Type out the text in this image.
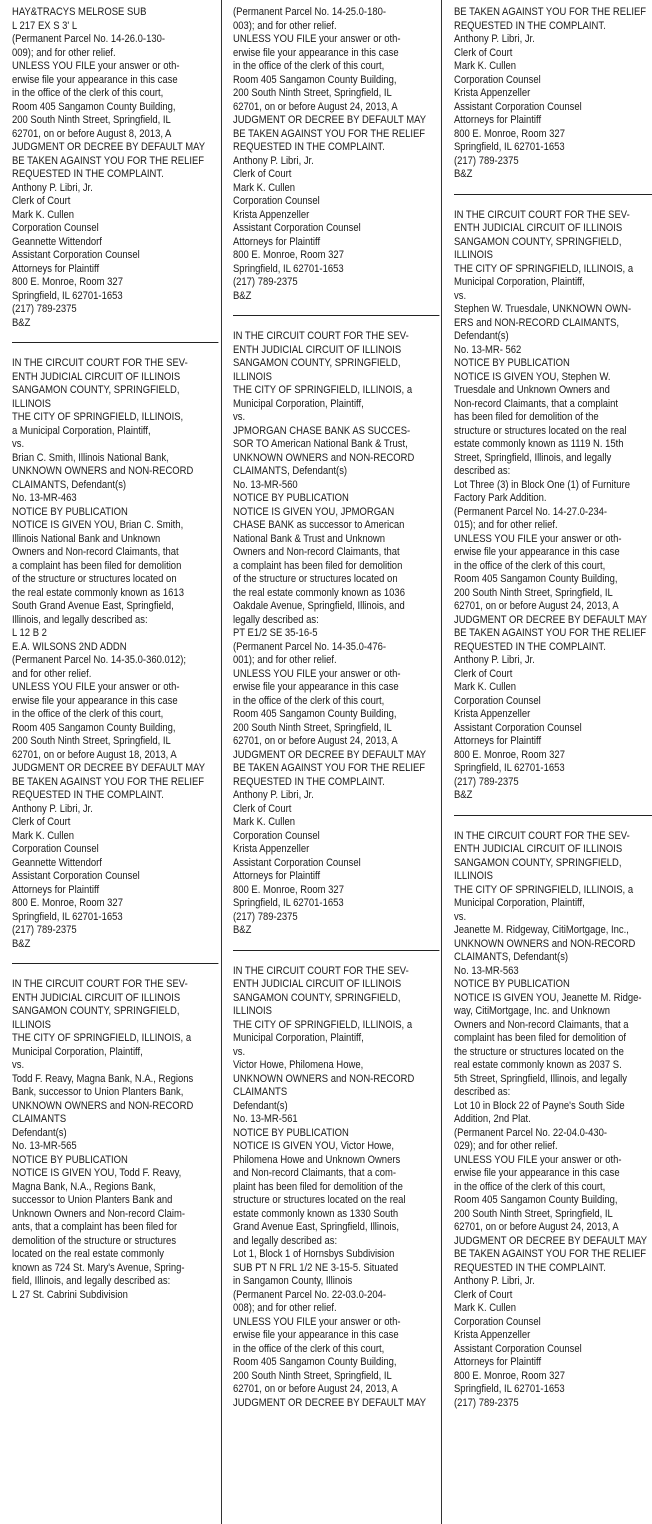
HAY&TRACYS MELROSE SUB

L 217 EX S 3' L

(Permanent Parcel No. 14-26.0-130-

009); and for other relief.

UNLESS YOU FILE your answer or oth-

erwise file your appearance in this case

in the office of the clerk of this court,

Room 405 Sangamon County Building,

200 South Ninth Street, Springfield, IL

62701, on or before August 8, 2013, A

JUDGMENT OR DECREE BY DEFAULT MAY

BE TAKEN AGAINST YOU FOR THE RELIEF

REQUESTED IN THE COMPLAINT.

Anthony P. Libri, Jr.

Clerk of Court

Mark K. Cullen

Corporation Counsel

Geannette Wittendorf

Assistant Corporation Counsel

Attorneys for Plaintiff

800 E. Monroe, Room 327

Springfield, IL 62701-1653

(217) 789-2375

B&Z

IN THE CIRCUIT COURT FOR THE SEV-

ENTH JUDICIAL CIRCUIT OF ILLINOIS

SANGAMON COUNTY, SPRINGFIELD,

ILLINOIS

THE CITY OF SPRINGFIELD, ILLINOIS,

a Municipal Corporation, Plaintiff,

vs.

Brian C. Smith, Illinois National Bank,

UNKNOWN OWNERS and NON-RECORD

CLAIMANTS, Defendant(s)

No. 13-MR-463

NOTICE BY PUBLICATION

NOTICE IS GIVEN YOU, Brian C. Smith,

Illinois National Bank and Unknown

Owners and Non-record Claimants, that

a complaint has been filed for demolition

of the structure or structures located on

the real estate commonly known as 1613

South Grand Avenue East, Springfield,

Illinois, and legally described as:

L 12 B 2

E.A. WILSONS 2ND ADDN

(Permanent Parcel No. 14-35.0-360.012);

and for other relief.

UNLESS YOU FILE your answer or oth-

erwise file your appearance in this case

in the office of the clerk of this court,

Room 405 Sangamon County Building,

200 South Ninth Street, Springfield, IL

62701, on or before August 18, 2013, A

JUDGMENT OR DECREE BY DEFAULT MAY

BE TAKEN AGAINST YOU FOR THE RELIEF

REQUESTED IN THE COMPLAINT.

Anthony P. Libri, Jr.

Clerk of Court

Mark K. Cullen

Corporation Counsel

Geannette Wittendorf

Assistant Corporation Counsel

Attorneys for Plaintiff

800 E. Monroe, Room 327

Springfield, IL 62701-1653

(217) 789-2375

B&Z

IN THE CIRCUIT COURT FOR THE SEV-

ENTH JUDICIAL CIRCUIT OF ILLINOIS

SANGAMON COUNTY, SPRINGFIELD,

ILLINOIS

THE CITY OF SPRINGFIELD, ILLINOIS, a

Municipal Corporation, Plaintiff,

vs.

Todd F. Reavy, Magna Bank, N.A., Regions

Bank, successor to Union Planters Bank,

UNKNOWN OWNERS and NON-RECORD

CLAIMANTS

Defendant(s)

No. 13-MR-565

NOTICE BY PUBLICATION

NOTICE IS GIVEN YOU, Todd F. Reavy,

Magna Bank, N.A., Regions Bank,

successor to Union Planters Bank and

Unknown Owners and Non-record Claim-

ants, that a complaint has been filed for

demolition of the structure or structures

located on the real estate commonly

known as 724 St. Mary's Avenue, Spring-

field, Illinois, and legally described as:

L 27 St. Cabrini Subdivision

(Permanent Parcel No. 14-25.0-180-

003); and for other relief.

UNLESS YOU FILE your answer or oth-

erwise file your appearance in this case

in the office of the clerk of this court,

Room 405 Sangamon County Building,

200 South Ninth Street, Springfield, IL

62701, on or before August 24, 2013, A

JUDGMENT OR DECREE BY DEFAULT MAY

BE TAKEN AGAINST YOU FOR THE RELIEF

REQUESTED IN THE COMPLAINT.

Anthony P. Libri, Jr.

Clerk of Court

Mark K. Cullen

Corporation Counsel

Krista Appenzeller

Assistant Corporation Counsel

Attorneys for Plaintiff

800 E. Monroe, Room 327

Springfield, IL 62701-1653

(217) 789-2375

B&Z

IN THE CIRCUIT COURT FOR THE SEV-

ENTH JUDICIAL CIRCUIT OF ILLINOIS

SANGAMON COUNTY, SPRINGFIELD,

ILLINOIS

THE CITY OF SPRINGFIELD, ILLINOIS, a

Municipal Corporation, Plaintiff,

vs.

JPMORGAN CHASE BANK AS SUCCES-

SOR TO American National Bank & Trust,

UNKNOWN OWNERS and NON-RECORD

CLAIMANTS, Defendant(s)

No. 13-MR-560

NOTICE BY PUBLICATION

NOTICE IS GIVEN YOU, JPMORGAN

CHASE BANK as successor to American

National Bank & Trust and Unknown

Owners and Non-record Claimants, that

a complaint has been filed for demolition

of the structure or structures located on

the real estate commonly known as 1036

Oakdale Avenue, Springfield, Illinois, and

legally described as:

PT E1/2 SE 35-16-5

(Permanent Parcel No. 14-35.0-476-

001); and for other relief.

UNLESS YOU FILE your answer or oth-

erwise file your appearance in this case

in the office of the clerk of this court,

Room 405 Sangamon County Building,

200 South Ninth Street, Springfield, IL

62701, on or before August 24, 2013, A

JUDGMENT OR DECREE BY DEFAULT MAY

BE TAKEN AGAINST YOU FOR THE RELIEF

REQUESTED IN THE COMPLAINT.

Anthony P. Libri, Jr.

Clerk of Court

Mark K. Cullen

Corporation Counsel

Krista Appenzeller

Assistant Corporation Counsel

Attorneys for Plaintiff

800 E. Monroe, Room 327

Springfield, IL 62701-1653

(217) 789-2375

B&Z

IN THE CIRCUIT COURT FOR THE SEV-

ENTH JUDICIAL CIRCUIT OF ILLINOIS

SANGAMON COUNTY, SPRINGFIELD,

ILLINOIS

THE CITY OF SPRINGFIELD, ILLINOIS, a

Municipal Corporation, Plaintiff,

vs.

Victor Howe, Philomena Howe,

UNKNOWN OWNERS and NON-RECORD

CLAIMANTS

Defendant(s)

No. 13-MR-561

NOTICE BY PUBLICATION

NOTICE IS GIVEN YOU, Victor Howe,

Philomena Howe and Unknown Owners

and Non-record Claimants, that a com-

plaint has been filed for demolition of the

structure or structures located on the real

estate commonly known as 1330 South

Grand Avenue East, Springfield, Illinois,

and legally described as:

Lot 1, Block 1 of Hornsbys Subdivision

SUB PT N FRL 1/2 NE 3-15-5. Situated

in Sangamon County, Illinois

(Permanent Parcel No. 22-03.0-204-

008); and for other relief.

UNLESS YOU FILE your answer or oth-

erwise file your appearance in this case

in the office of the clerk of this court,

Room 405 Sangamon County Building,

200 South Ninth Street, Springfield, IL

62701, on or before August 24, 2013, A

JUDGMENT OR DECREE BY DEFAULT MAY

BE TAKEN AGAINST YOU FOR THE RELIEF

REQUESTED IN THE COMPLAINT.

Anthony P. Libri, Jr.

Clerk of Court

Mark K. Cullen

Corporation Counsel

Krista Appenzeller

Assistant Corporation Counsel

Attorneys for Plaintiff

800 E. Monroe, Room 327

Springfield, IL 62701-1653

(217) 789-2375

B&Z

IN THE CIRCUIT COURT FOR THE SEV-

ENTH JUDICIAL CIRCUIT OF ILLINOIS

SANGAMON COUNTY, SPRINGFIELD,

ILLINOIS

THE CITY OF SPRINGFIELD, ILLINOIS, a

Municipal Corporation, Plaintiff,

vs.

Stephen W. Truesdale, UNKNOWN OWN-

ERS and NON-RECORD CLAIMANTS,

Defendant(s)

No. 13-MR- 562

NOTICE BY PUBLICATION

NOTICE IS GIVEN YOU, Stephen W.

Truesdale and Unknown Owners and

Non-record Claimants, that a complaint

has been filed for demolition of the

structure or structures located on the real

estate commonly known as 1119 N. 15th

Street, Springfield, Illinois, and legally

described as:

Lot Three (3) in Block One (1) of Furniture

Factory Park Addition.

(Permanent Parcel No. 14-27.0-234-

015); and for other relief.

UNLESS YOU FILE your answer or oth-

erwise file your appearance in this case

in the office of the clerk of this court,

Room 405 Sangamon County Building,

200 South Ninth Street, Springfield, IL

62701, on or before August 24, 2013, A

JUDGMENT OR DECREE BY DEFAULT MAY

BE TAKEN AGAINST YOU FOR THE RELIEF

REQUESTED IN THE COMPLAINT.

Anthony P. Libri, Jr.

Clerk of Court

Mark K. Cullen

Corporation Counsel

Krista Appenzeller

Assistant Corporation Counsel

Attorneys for Plaintiff

800 E. Monroe, Room 327

Springfield, IL 62701-1653

(217) 789-2375

B&Z

IN THE CIRCUIT COURT FOR THE SEV-

ENTH JUDICIAL CIRCUIT OF ILLINOIS

SANGAMON COUNTY, SPRINGFIELD,

ILLINOIS

THE CITY OF SPRINGFIELD, ILLINOIS, a

Municipal Corporation, Plaintiff,

vs.

Jeanette M. Ridgeway, CitiMortgage, Inc.,

UNKNOWN OWNERS and NON-RECORD

CLAIMANTS, Defendant(s)

No. 13-MR-563

NOTICE BY PUBLICATION

NOTICE IS GIVEN YOU, Jeanette M. Ridge-

way, CitiMortgage, Inc. and Unknown

Owners and Non-record Claimants, that a

complaint has been filed for demolition of

the structure or structures located on the

real estate commonly known as 2037 S.

5th Street, Springfield, Illinois, and legally

described as:

Lot 10 in Block 22 of Payne's South Side

Addition, 2nd Plat.

(Permanent Parcel No. 22-04.0-430-

029); and for other relief.

UNLESS YOU FILE your answer or oth-

erwise file your appearance in this case

in the office of the clerk of this court,

Room 405 Sangamon County Building,

200 South Ninth Street, Springfield, IL

62701, on or before August 24, 2013, A

JUDGMENT OR DECREE BY DEFAULT MAY

BE TAKEN AGAINST YOU FOR THE RELIEF

REQUESTED IN THE COMPLAINT.

Anthony P. Libri, Jr.

Clerk of Court

Mark K. Cullen

Corporation Counsel

Krista Appenzeller

Assistant Corporation Counsel

Attorneys for Plaintiff

800 E. Monroe, Room 327

Springfield, IL 62701-1653

(217) 789-2375
